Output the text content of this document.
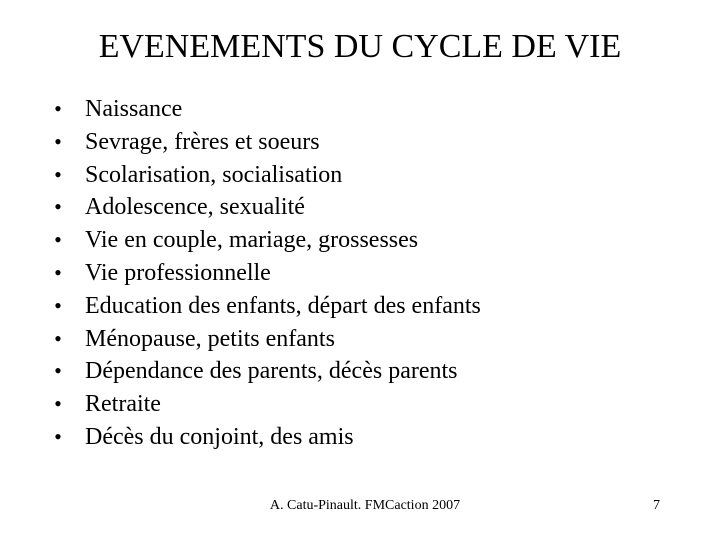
EVENEMENTS DU CYCLE DE VIE
• Naissance
• Sevrage, frères et soeurs
• Scolarisation, socialisation
• Adolescence, sexualité
• Vie en couple, mariage, grossesses
• Vie professionnelle
• Education des enfants, départ des enfants
• Ménopause, petits enfants
• Dépendance des parents, décès parents
• Retraite
• Décès du conjoint, des amis
A. Catu-Pinault. FMCaction 2007	7
